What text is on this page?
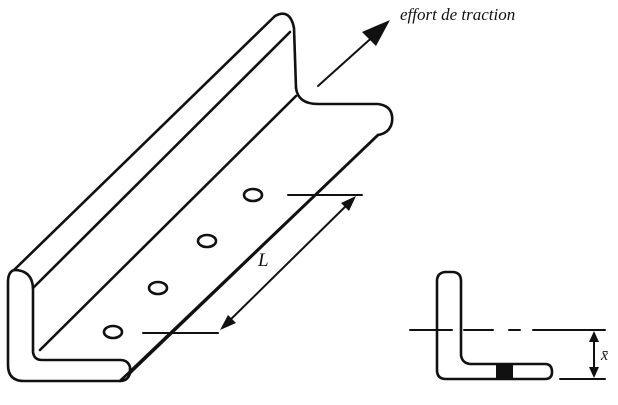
effort de traction
L
x̄
